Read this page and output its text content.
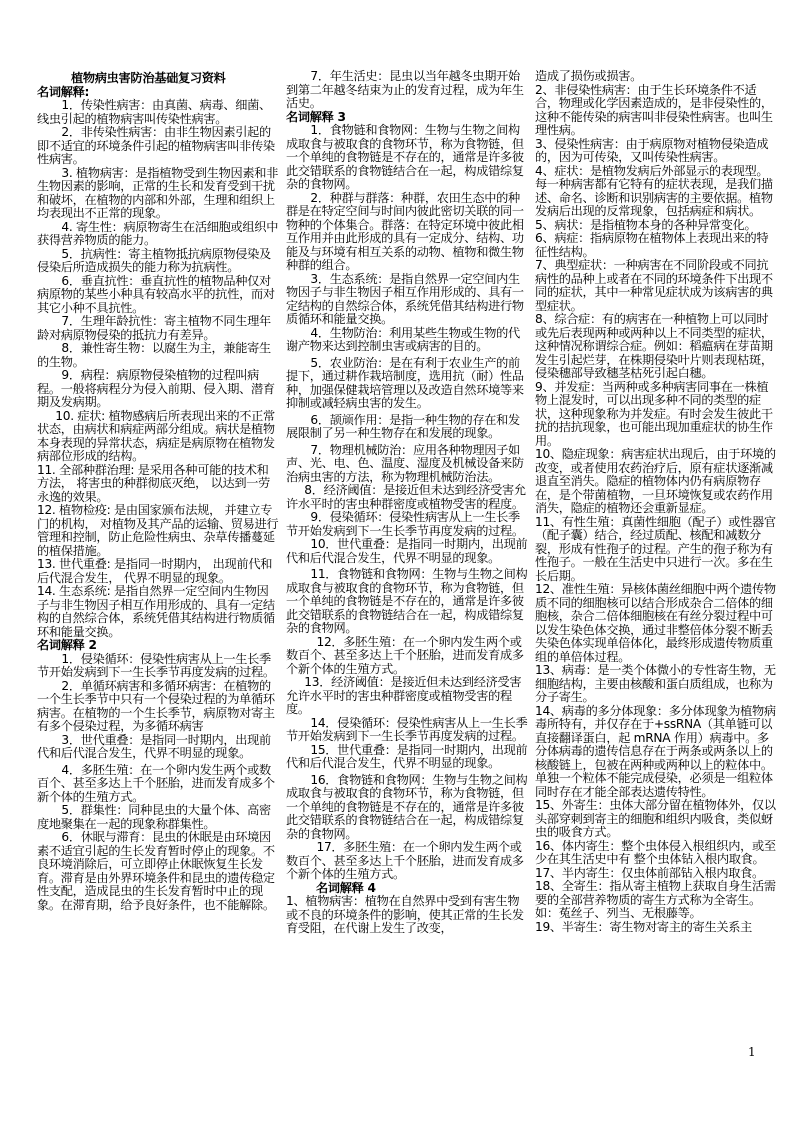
植物病虫害防治基础复习资料
名词解释:

1．传染性病害：由真菌、病毒、细菌、线虫引起的植物病害叫传染性病害。

2．非传染性病害：由非生物因素引起的即不适宜的环境条件引起的植物病害叫非传染性病害。

3. 植物病害：是指植物受到生物因素和非生物因素的影响，正常的生长和发育受到干扰和破坏，在植物的内部和外部，生理和组织上均表现出不正常的现象。

4. 寄生性：病原物寄生在活细胞或组织中获得营养物质的能力。

5．抗病性：寄主植物抵抗病原物侵染及侵染后所造成损失的能力称为抗病性。

6．垂直抗性：垂直抗性的植物品种仅对病原物的某些小种具有较高水平的抗性，而对其它小种不具抗性。

7．生理年龄抗性：寄主植物不同生理年龄对病原物侵染的抵抗力有差异。

8．兼性寄生物：以腐生为主，兼能寄生的生物。

9．病程：病原物侵染植物的过程叫病程。一般将病程分为侵入前期、侵入期、潜育期及发病期。

10. 症状: 植物感病后所表现出来的不正常状态，由病状和病症两部分组成。病状是植物本身表现的异常状态，病症是病原物在植物发病部位形成的结构。

11. 全部种群治理: 是采用各种可能的技术和方法， 将害虫的种群彻底灭绝， 以达到一劳永逸的效果。

12. 植物检疫: 是由国家颁布法规， 并建立专门的机构， 对植物及其产品的运输、贸易进行管理和控制，防止危险性病虫、杂草传播蔓延的植保措施。

13. 世代重叠: 是指同一时期内， 出现前代和后代混合发生， 代界不明显的现象。

14. 生态系统: 是指自然界一定空间内生物因子与非生物因子相互作用形成的、具有一定结构的自然综合体，系统凭借其结构进行物质循环和能量交换。

名词解释 2

1．侵染循环：侵染性病害从上一生长季节开始发病到下一生长季节再度发病的过程。

2．单循环病害和多循环病害：在植物的一个生长季节中只有一个侵染过程的为单循环病害。在植物的一个生长季节，病原物对寄主有多个侵染过程，为多循环病害

3．世代重叠：是指同一时期内，出现前代和后代混合发生，代界不明显的现象。

4．多胚生殖：在一个卵内发生两个或数百个、甚至多达上千个胚胎，进而发育成多个新个体的生殖方式。

5．群集性：同种昆虫的大量个体、高密度地聚集在一起的现象称群集性。

6．休眠与滞育：昆虫的休眠是由环境因素不适宜引起的生长发育暂时停止的现象。不良环境消除后，可立即停止休眠恢复生长发育。滞育是由外界环境条件和昆虫的遗传稳定性支配，造成昆虫的生长发育暂时中止的现象。在滞育期，给予良好条件，也不能解除。

7．年生活史：昆虫以当年越冬虫期开始到第二年越冬结束为止的发育过程，成为年生活史。

名词解释 3

1．食物链和食物网：生物与生物之间构成取食与被取食的食物环节，称为食物链，但一个单纯的食物链是不存在的，通常是许多彼此交错联系的食物链结合在一起，构成错综复杂的食物网。

2．种群与群落：种群，农田生态中的种群是在特定空间与时间内彼此密切关联的同一物种的个体集合。群落：在特定环境中彼此相互作用并由此形成的具有一定成分、结构、功能及与环境有相互关系的动物、植物和微生物种群的组合。

3．生态系统：是指自然界一定空间内生物因子与非生物因子相互作用形成的、具有一定结构的自然综合体，系统凭借其结构进行物质循环和能量交换。

4．生物防治：利用某些生物或生物的代谢产物来达到控制虫害或病害的目的。

5．农业防治：是在有利于农业生产的前提下，通过耕作栽培制度，选用抗（耐）性品种，加强保健栽培管理以及改造自然环境等来抑制或减轻病虫害的发生。

6．颉颃作用：是指一种生物的存在和发展限制了另一种生物存在和发展的现象。

7．物理机械防治：应用各种物理因子如声、光、电、色、温度、湿度及机械设备来防治病虫害的方法，称为物理机械防治法。

8．经济阈值：是接近但未达到经济受害允许水平时的害虫种群密度或植物受害的程度。

9．侵染循环：侵染性病害从上一生长季节开始发病到下一生长季节再度发病的过程。

10．世代重叠：是指同一时期内，出现前代和后代混合发生，代界不明显的现象。

11．食物链和食物网：生物与生物之间构成取食与被取食的食物环节，称为食物链，但一个单纯的食物链是不存在的，通常是许多彼此交错联系的食物链结合在一起，构成错综复杂的食物网。

12．多胚生殖：在一个卵内发生两个或数百个、甚至多达上千个胚胎，进而发育成多个新个体的生殖方式。

13．经济阈值：是接近但未达到经济受害允许水平时的害虫种群密度或植物受害的程度。

14．侵染循环：侵染性病害从上一生长季节开始发病到下一生长季节再度发病的过程。

15．世代重叠：是指同一时期内，出现前代和后代混合发生，代界不明显的现象。

16．食物链和食物网：生物与生物之间构成取食与被取食的食物环节，称为食物链，但一个单纯的食物链是不存在的，通常是许多彼此交错联系的食物链结合在一起，构成错综复杂的食物网。

17．多胚生殖：在一个卵内发生两个或数百个、甚至多达上千个胚胎，进而发育成多个新个体的生殖方式。

名词解释 4

1、植物病害：植物在自然界中受到有害生物或不良的环境条件的影响，使其正常的生长发育受阻，在代谢上发生了改变，

造成了损伤或损害。

2、非侵染性病害：由于生长环境条件不适合，物理或化学因素造成的，是非侵染性的，这种不能传染的病害叫非侵染性病害。也叫生理性病。

3、侵染性病害：由于病原物对植物侵染造成的，因为可传染，又叫传染性病害。

4、症状：是植物发病后外部显示的表现型。每一种病害都有它特有的症状表现，是我们描述、命名、诊断和识别病害的主要依据。植物发病后出现的反常现象，包括病症和病状。

5、病状：是指植物本身的各种异常变化。

6、病症：指病原物在植物体上表现出来的特征性结构。

7、典型症状：一种病害在不同阶段或不同抗病性的品种上或者在不同的环境条件下出现不同的症状，其中一种常见症状成为该病害的典型症状。

8、综合症：有的病害在一种植物上可以同时或先后表现两种或两种以上不同类型的症状，这种情况称谓综合症。例如：稻瘟病在芽苗期发生引起烂芽，在株期侵染叶片则表现枯斑，侵染穗部导致穗茎枯死引起白穗。

9、并发症：当两种或多种病害同事在一株植物上混发时，可以出现多种不同的类型的症状，这种现象称为并发症。有时会发生彼此干扰的拮抗现象，也可能出现加重症状的协生作用。

10、隐症现象：病害症状出现后，由于环境的改变，或者使用农药治疗后，原有症状逐渐减退直至消失。隐症的植物体内仍有病原物存在，是个带菌植物，一旦环境恢复或农药作用消失，隐症的植物还会重新显症。

11、有性生殖：真菌性细胞（配子）或性器官（配子囊）结合，经过质配、核配和减数分裂，形成有性孢子的过程。产生的孢子称为有性孢子。一般在生活史中只进行一次。多在生长后期。

12、准性生殖：异核体菌丝细胞中两个遗传物质不同的细胞核可以结合形成杂合二倍体的细胞核，杂合二倍体细胞核在有丝分裂过程中可以发生染色体交换，通过非整倍体分裂不断丢失染色体实现单倍体化，最终形成遗传物质重组的单倍体过程。

13、病毒：是一类个体微小的专性寄生物，无细胞结构，主要由核酸和蛋白质组成，也称为分子寄生。

14、病毒的多分体现象：多分体现象为植物病毒所特有，并仅存在于+ssRNA（其单链可以直接翻译蛋白，起 mRNA 作用）病毒中。多分体病毒的遗传信息存在于两条或两条以上的核酸链上，包被在两种或两种以上的粒体中。单独一个粒体不能完成侵染，必须是一组粒体同时存在才能全部表达遗传特性。

15、外寄生：虫体大部分留在植物体外，仅以头部穿刺到寄主的细胞和组织内吸食，类似蚜虫的吸食方式。

16、体内寄生：整个虫体侵入根组织内，或至少在其生活史中有 整个虫体钻入根内取食。

17、半内寄生：仅虫体前部钻入根内取食。

18、全寄生：指从寄主植物上获取自身生活需要的全部营养物质的寄生方式称为全寄生。如：菟丝子、列当、无根藤等。

19、半寄生：寄生物对寄主的寄生关系主

1
